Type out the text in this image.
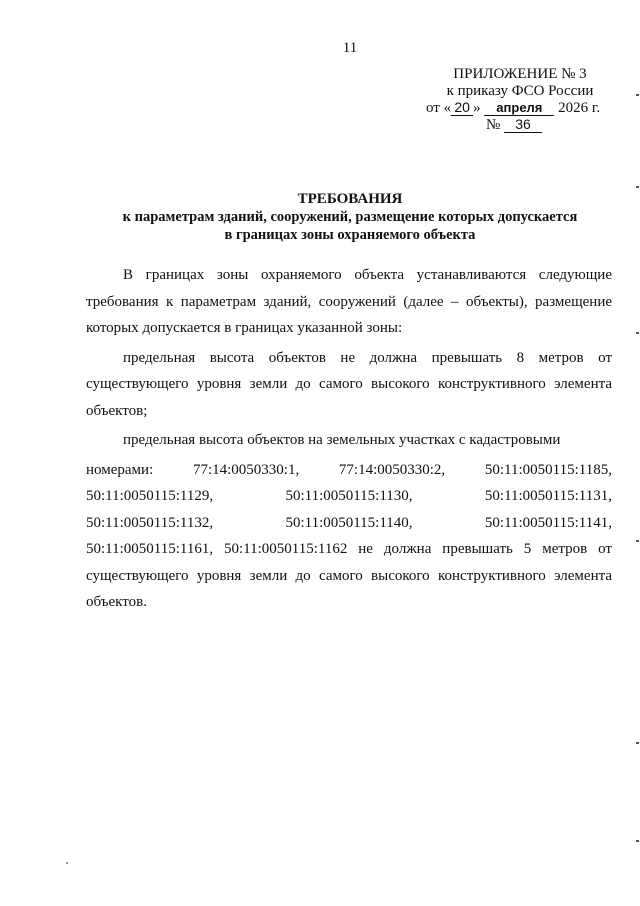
11
ПРИЛОЖЕНИЕ № 3
к приказу ФСО России
от « 20 » апреля 2026 г.
№ 36
ТРЕБОВАНИЯ
к параметрам зданий, сооружений, размещение которых допускается
в границах зоны охраняемого объекта

В границах зоны охраняемого объекта устанавливаются следующие требования к параметрам зданий, сооружений (далее – объекты), размещение которых допускается в границах указанной зоны:

предельная высота объектов не должна превышать 8 метров от существующего уровня земли до самого высокого конструктивного элемента объектов;

предельная высота объектов на земельных участках с кадастровыми

номерами:	77:14:0050330:1,	77:14:0050330:2,	50:11:0050115:1185,
50:11:0050115:1129,	50:11:0050115:1130,	50:11:0050115:1131,
50:11:0050115:1132,	50:11:0050115:1140,	50:11:0050115:1141,
50:11:0050115:1161, 50:11:0050115:1162 не должна превышать 5 метров от существующего уровня земли до самого высокого конструктивного элемента объектов.
